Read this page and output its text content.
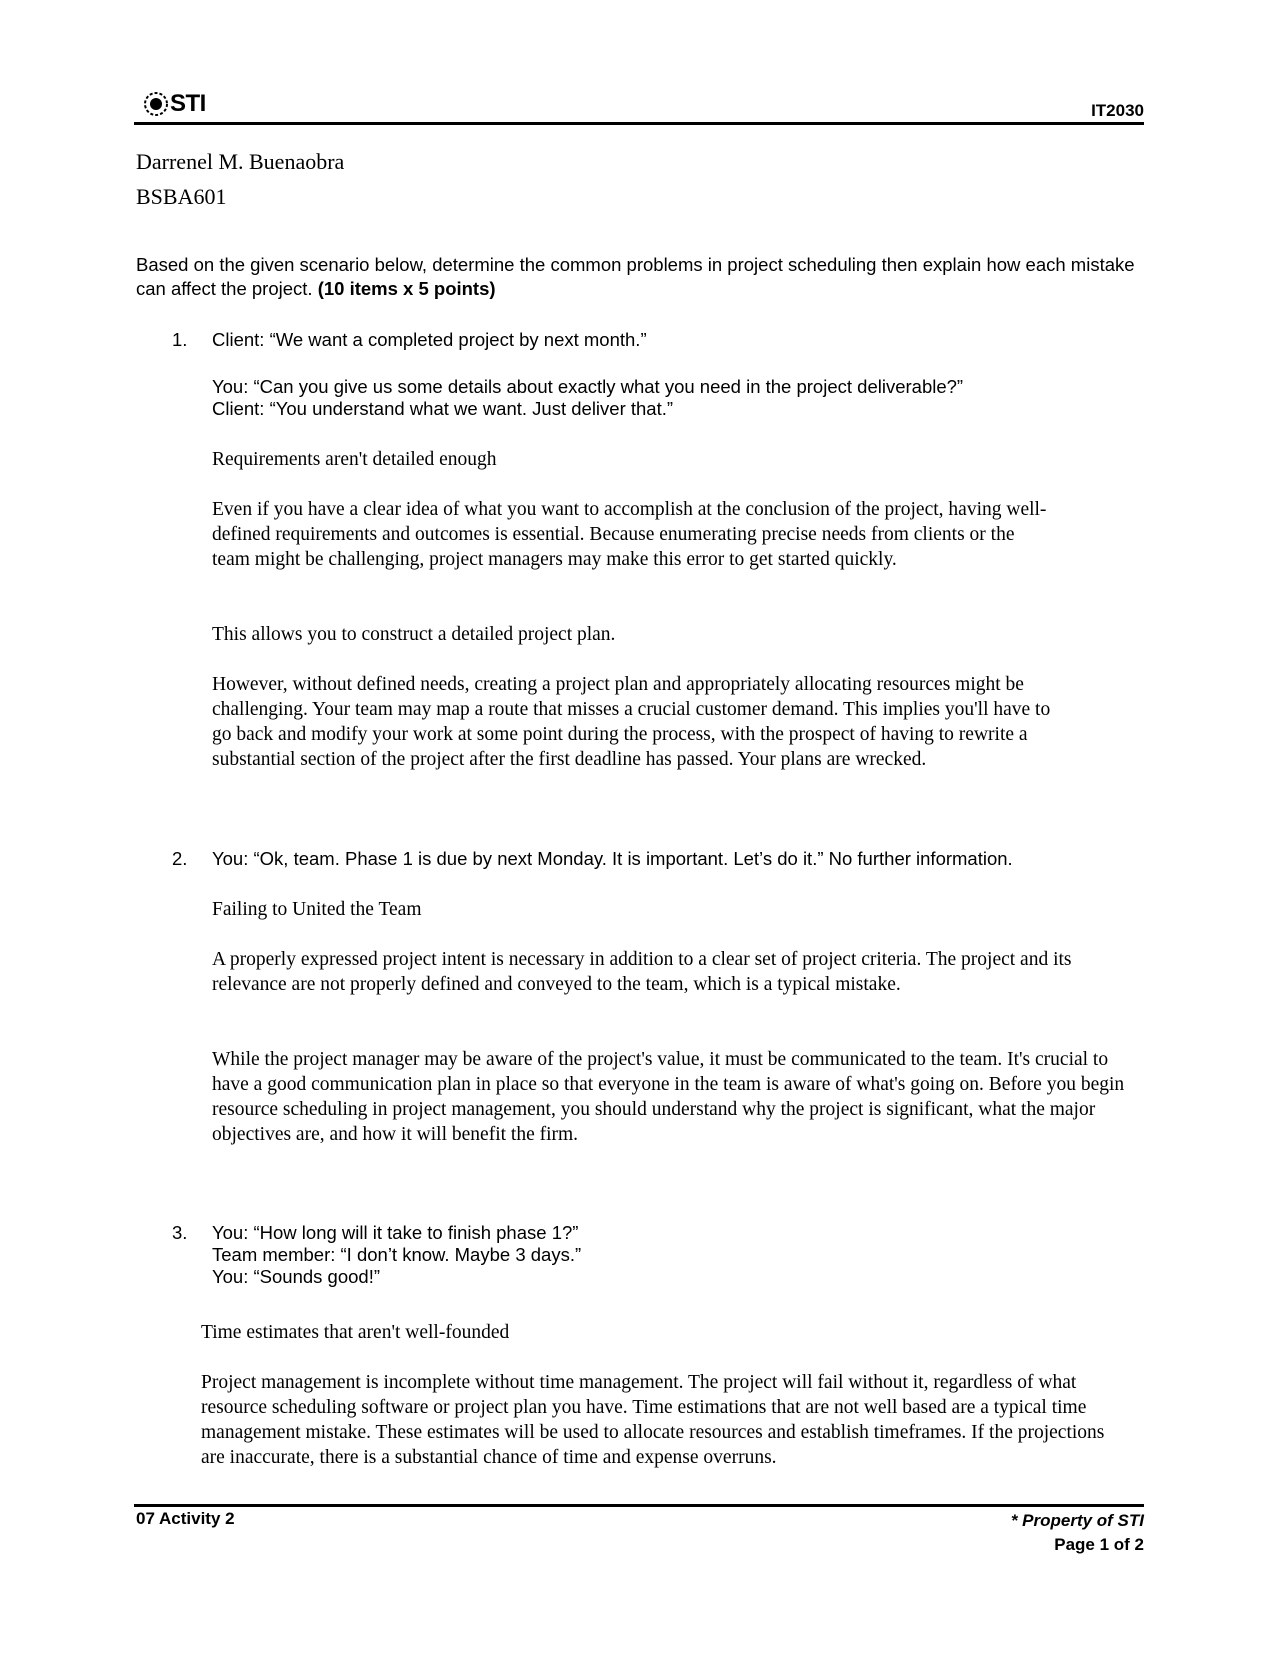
STI	IT2030
Darrenel M. Buenaobra
BSBA601
Based on the given scenario below, determine the common problems in project scheduling then explain how each mistake can affect the project. (10 items x 5 points)
1. Client: “We want a completed project by next month.”
You: “Can you give us some details about exactly what you need in the project deliverable?”
Client: “You understand what we want. Just deliver that.”
Requirements aren't detailed enough
Even if you have a clear idea of what you want to accomplish at the conclusion of the project, having well-defined requirements and outcomes is essential. Because enumerating precise needs from clients or the team might be challenging, project managers may make this error to get started quickly.
This allows you to construct a detailed project plan.
However, without defined needs, creating a project plan and appropriately allocating resources might be challenging. Your team may map a route that misses a crucial customer demand. This implies you'll have to go back and modify your work at some point during the process, with the prospect of having to rewrite a substantial section of the project after the first deadline has passed. Your plans are wrecked.
2. You: “Ok, team. Phase 1 is due by next Monday. It is important. Let’s do it.” No further information.
Failing to United the Team
A properly expressed project intent is necessary in addition to a clear set of project criteria. The project and its relevance are not properly defined and conveyed to the team, which is a typical mistake.
While the project manager may be aware of the project's value, it must be communicated to the team. It's crucial to have a good communication plan in place so that everyone in the team is aware of what's going on. Before you begin resource scheduling in project management, you should understand why the project is significant, what the major objectives are, and how it will benefit the firm.
3. You: “How long will it take to finish phase 1?”
Team member: “I don’t know. Maybe 3 days.”
You: “Sounds good!”
Time estimates that aren't well-founded
Project management is incomplete without time management. The project will fail without it, regardless of what resource scheduling software or project plan you have. Time estimations that are not well based are a typical time management mistake. These estimates will be used to allocate resources and establish timeframes. If the projections are inaccurate, there is a substantial chance of time and expense overruns.
07 Activity 2	* Property of STI
Page 1 of 2
